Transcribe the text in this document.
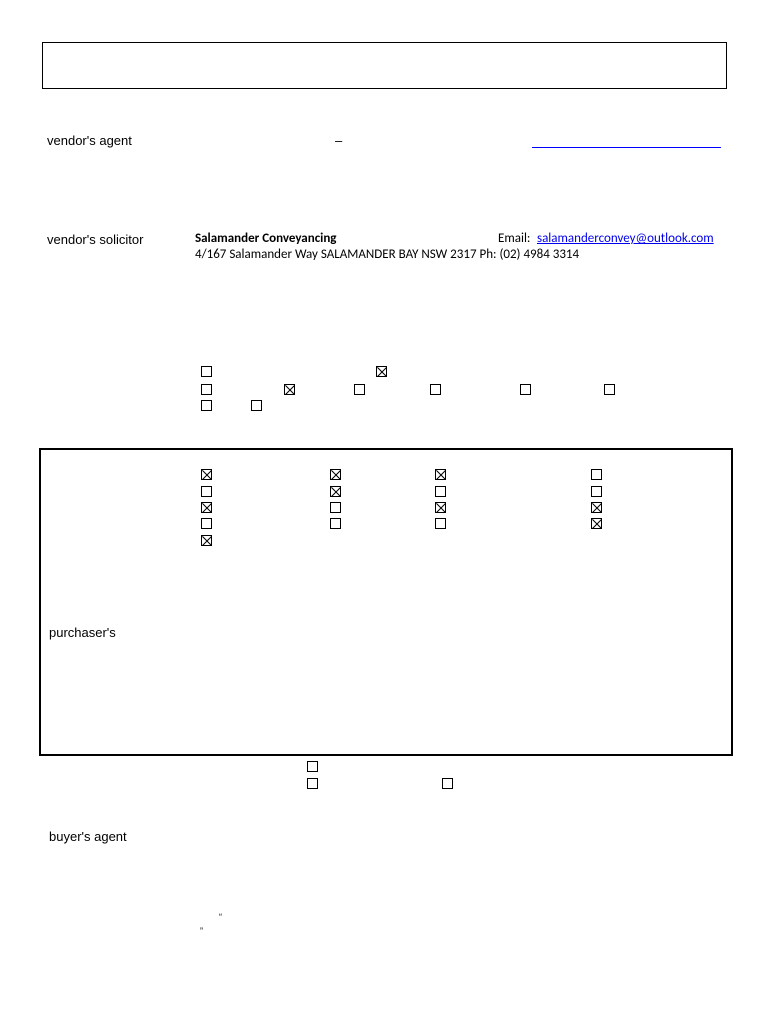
vendor's agent	–
vendor's solicitor	Salamander Conveyancing	Email: salamanderconvey@outlook.com
4/167 Salamander Way SALAMANDER BAY NSW 2317 Ph: (02) 4984 3314
purchaser's
buyer's agent
“
”
